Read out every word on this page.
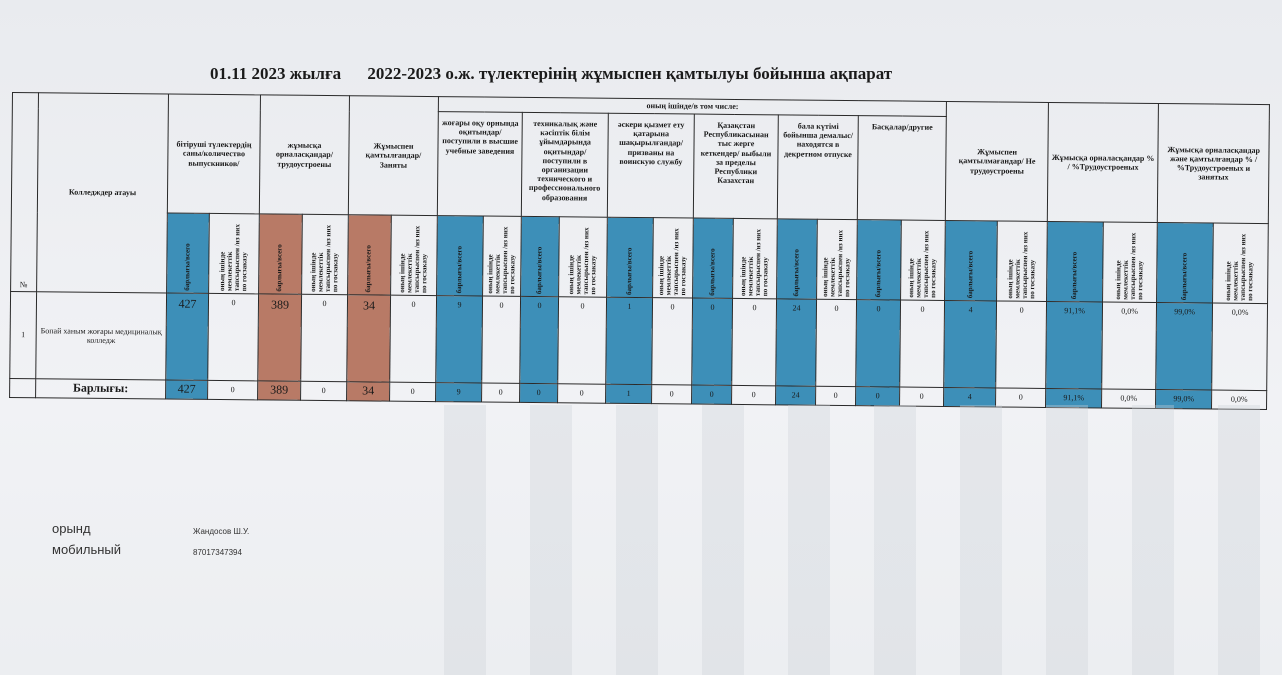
01.11 2023 жылға 2022-2023 о.ж. түлектерінің жұмыспен қамтылуы бойынша ақпарат
№	Колледждер атауы	бітіруші түлектердің саны/количество выпускников/		жұмысқа орналасқандар/ трудоустроены		Жұмыспен қамтылғандар/ Заняты		оның ішінде/в том числе:												Жұмыспен қамтылмағандар/ Не трудоустроены		Жұмысқа орналасқандар % / %Трудоустроеных		Жұмысқа орналасқандар және қамтылғандар % / %Трудоустроеных и занятых	
								жоғары оқу орнында оқитындар/ поступили в высшие учебные заведения		техникалық және кәсіптік білім ұйымдарында оқитындар/поступили в организации технического и профессионального образования		әскери қызмет ету қатарына шақырылғандар/ призваны на воинскую службу		Қазақстан Республикасынан тыс жерге кеткендер/ выбыли за пределы Республики Казахстан		бала күтімі бойынша демалыс/ находятся в декретном отпуске		Басқалар/другие							

		барлығы/всего	оның ішінде мемлекеттік тапсырыспен /из них по госзаказу	барлығы/всего	оның ішінде мемлекеттік тапсырыспен /из них по госзаказу	барлығы/всего	оның ішінде мемлекеттік тапсырыспен /из них по госзаказу	барлығы/всего	оның ішінде мемлекеттік тапсырыспен /из них по госзаказу	барлығы/всего	оның ішінде мемлекеттік тапсырыспен /из них по госзаказу	барлығы/всего	оның ішінде мемлекеттік тапсырыспен /из них по госзаказу	барлығы/всего	оның ішінде мемлекеттік тапсырыспен /из них по госзаказу	барлығы/всего	оның ішінде мемлекеттік тапсырыспен /из них по госзаказу	барлығы/всего	оның ішінде мемлекеттік тапсырыспен /из них по госзаказу	барлығы/всего	оның ішінде мемлекеттік тапсырыспен /из них по госзаказу	барлығы/всего	оның ішінде мемлекеттік тапсырыспен /из них по госзаказу	барлығы/всего	оның ішінде мемлекеттік тапсырыспен /из них по госзаказу

1	Бопай ханым жоғары медициналық колледж	427	0	389	0	34	0	9	0	0	0	1	0	0	0	24	0	0	0	4	0	91,1%	0,0%	99,0%	0,0%
	Барлығы:	427	0	389	0	34	0	9	0	0	0	1	0	0	0	24	0	0	0	4	0	91,1%	0,0%	99,0%	0,0%
орынд	Жандосов Ш.У.
мобильный	87017347394
